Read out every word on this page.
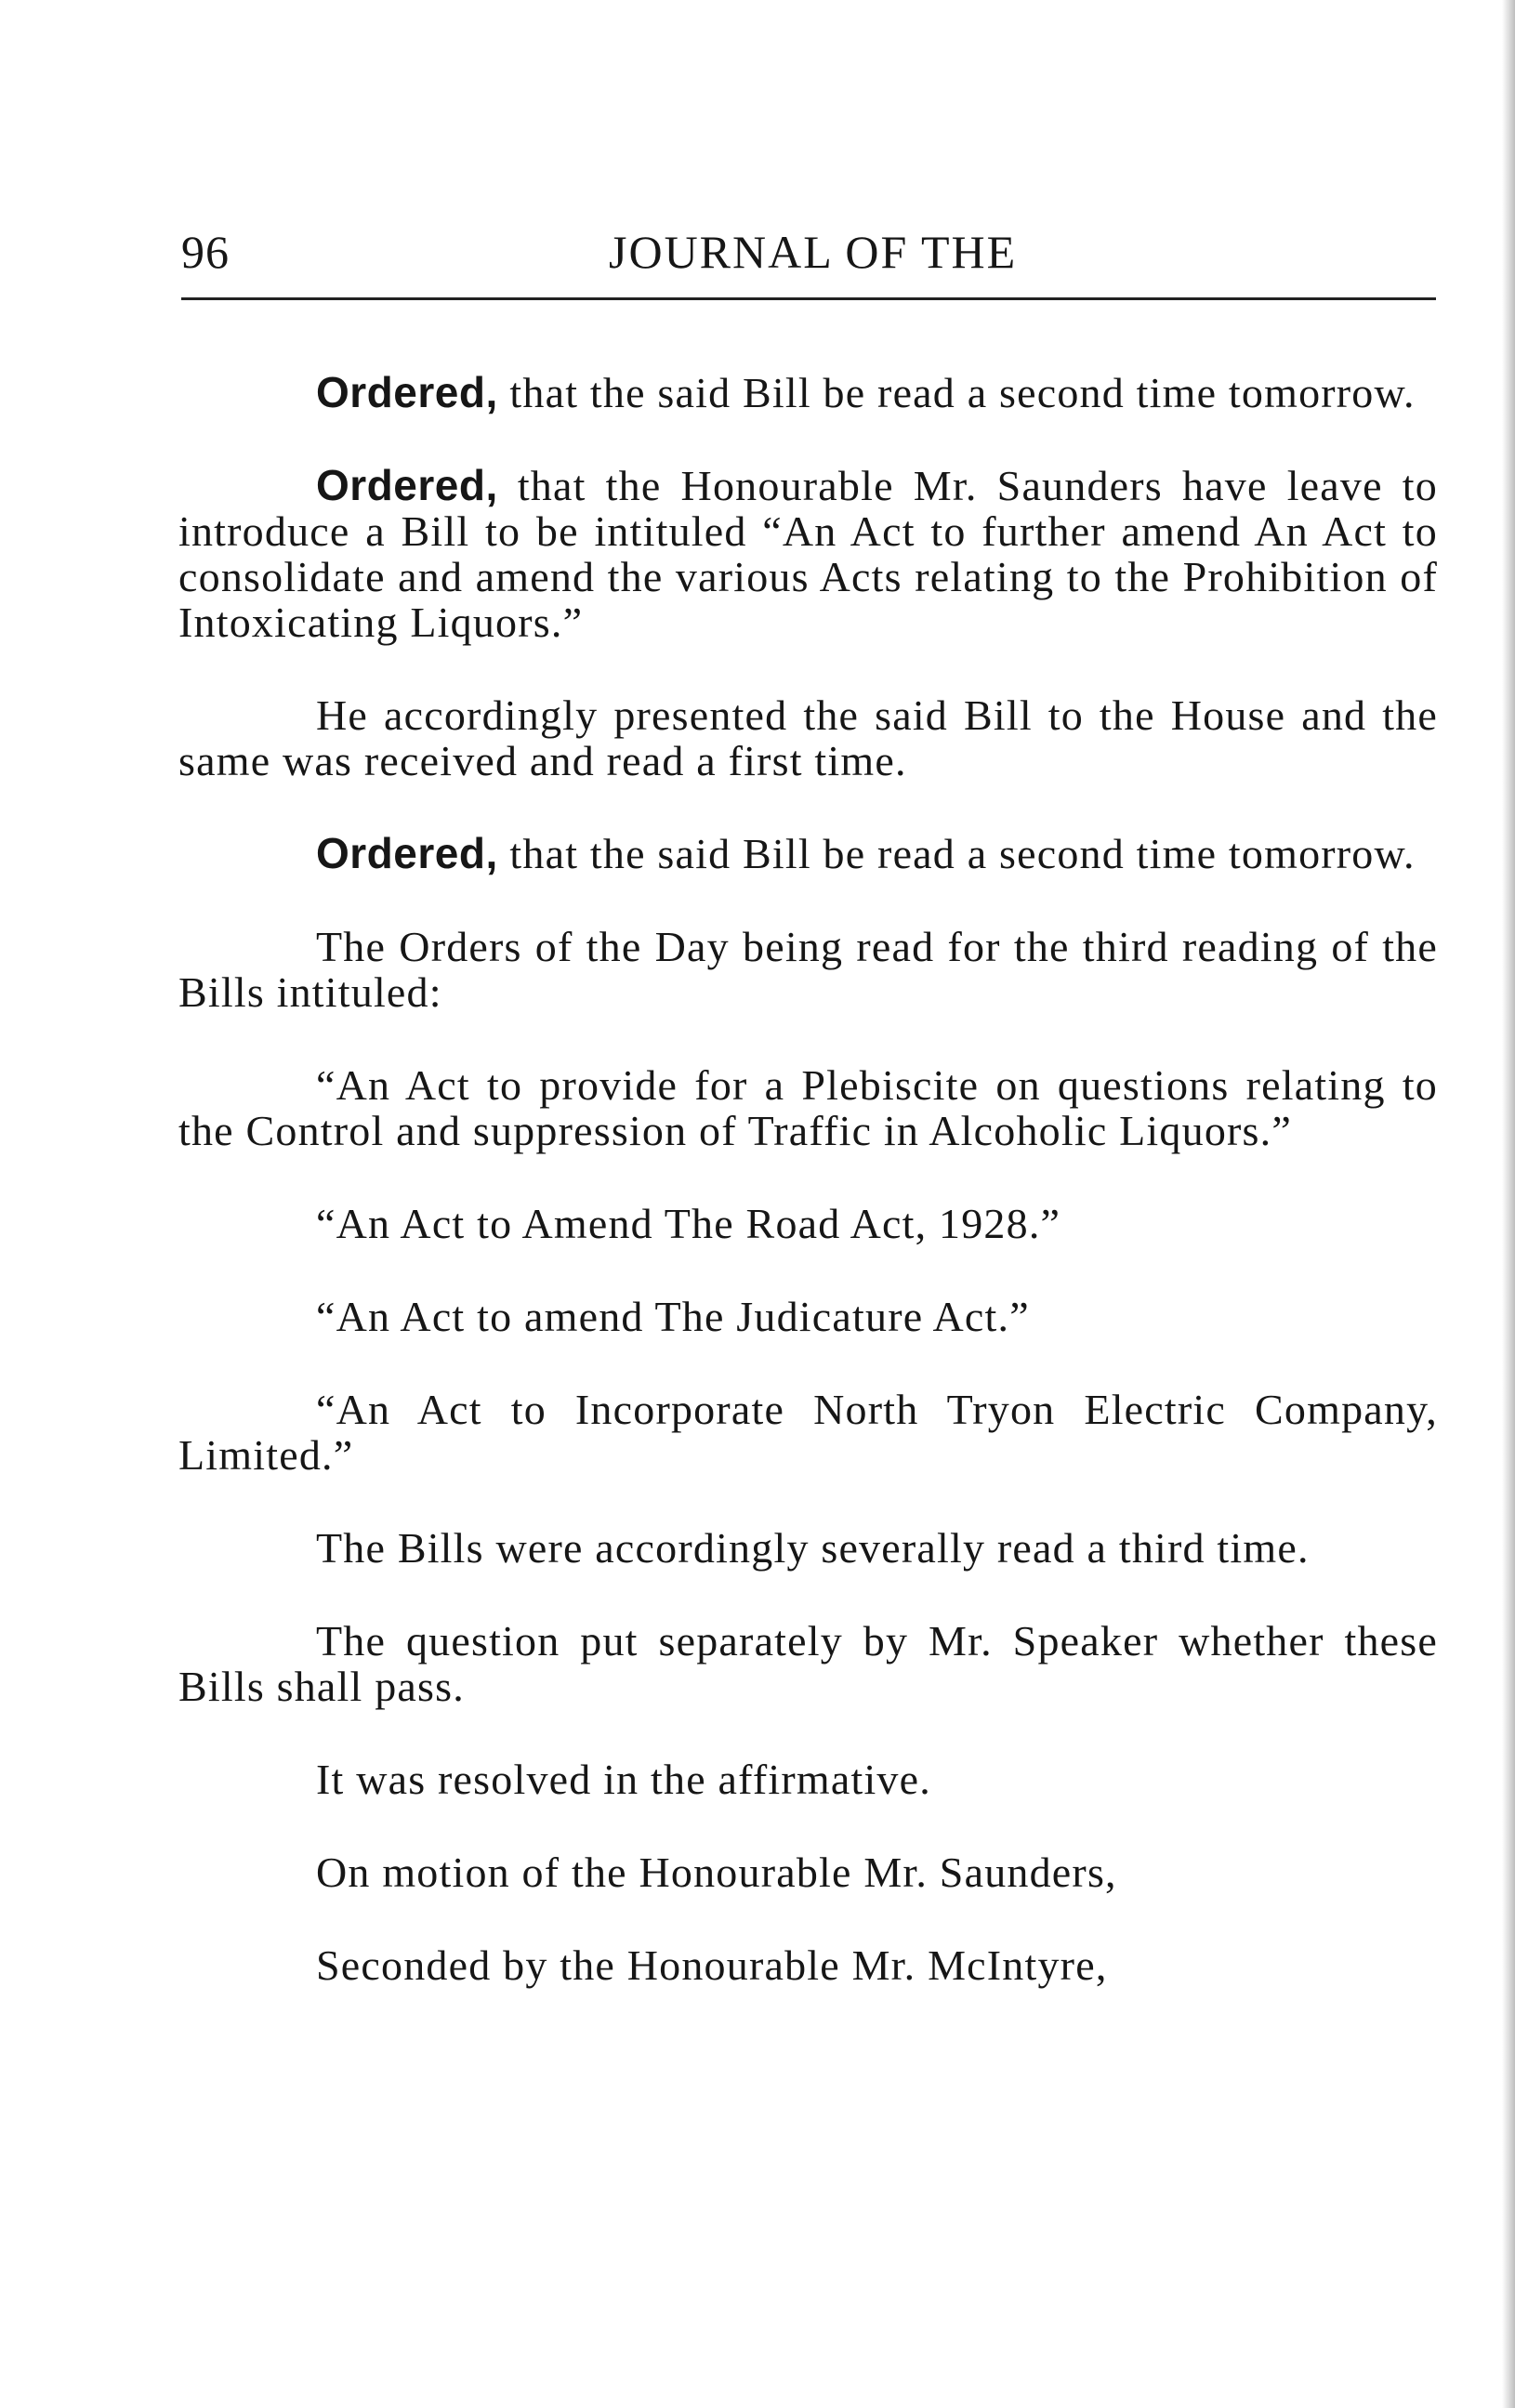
96	JOURNAL OF THE

Ordered, that the said Bill be read a second time tomorrow.

Ordered, that the Honourable Mr. Saunders have leave to introduce a Bill to be intituled “An Act to further amend An Act to consolidate and amend the various Acts relating to the Prohibition of Intoxicating Liquors.”

He accordingly presented the said Bill to the House and the same was received and read a first time.

Ordered, that the said Bill be read a second time tomorrow.

The Orders of the Day being read for the third reading of the Bills intituled:

“An Act to provide for a Plebiscite on questions relating to the Control and suppression of Traffic in Alcoholic Liquors.”

“An Act to Amend The Road Act, 1928.”

“An Act to amend The Judicature Act.”

“An Act to Incorporate North Tryon Electric Company, Limited.”

The Bills were accordingly severally read a third time.

The question put separately by Mr. Speaker whether these Bills shall pass.

It was resolved in the affirmative.

On motion of the Honourable Mr. Saunders,

Seconded by the Honourable Mr. McIntyre,
